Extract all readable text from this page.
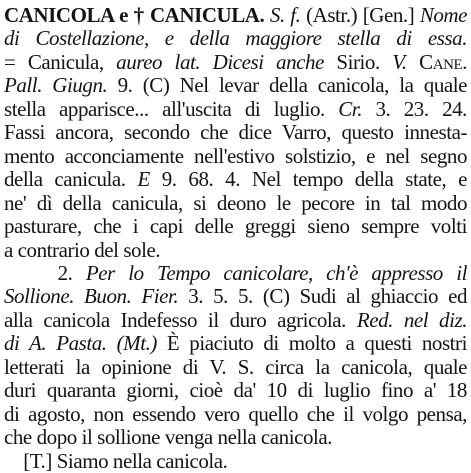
CANICOLA e † CANICULA. S. f. (Astr.) [Gen.] Nome
di Costellazione, e della maggiore stella di essa.
= Canicula, aureo lat. Dicesi anche Sirio. V. Cane.
Pall. Giugn. 9. (C) Nel levar della canicola, la quale
stella apparisce... all'uscita di luglio. Cr. 3. 23. 24.
Fassi ancora, secondo che dice Varro, questo innesta-
mento acconciamente nell'estivo solstizio, e nel segno
della canicula. E 9. 68. 4. Nel tempo della state, e
ne' dì della canicula, si deono le pecore in tal modo
pasturare, che i capi delle greggi sieno sempre volti
a contrario del sole.
2. Per lo Tempo canicolare, ch'è appresso il
Sollione. Buon. Fier. 3. 5. 5. (C) Sudi al ghiaccio ed
alla canicola Indefesso il duro agricola. Red. nel diz.
di A. Pasta. (Mt.) È piaciuto di molto a questi nostri
letterati la opinione di V. S. circa la canicola, quale
duri quaranta giorni, cioè da' 10 di luglio fino a' 18
di agosto, non essendo vero quello che il volgo pensa,
che dopo il sollione venga nella canicola.
[T.] Siamo nella canicola.
